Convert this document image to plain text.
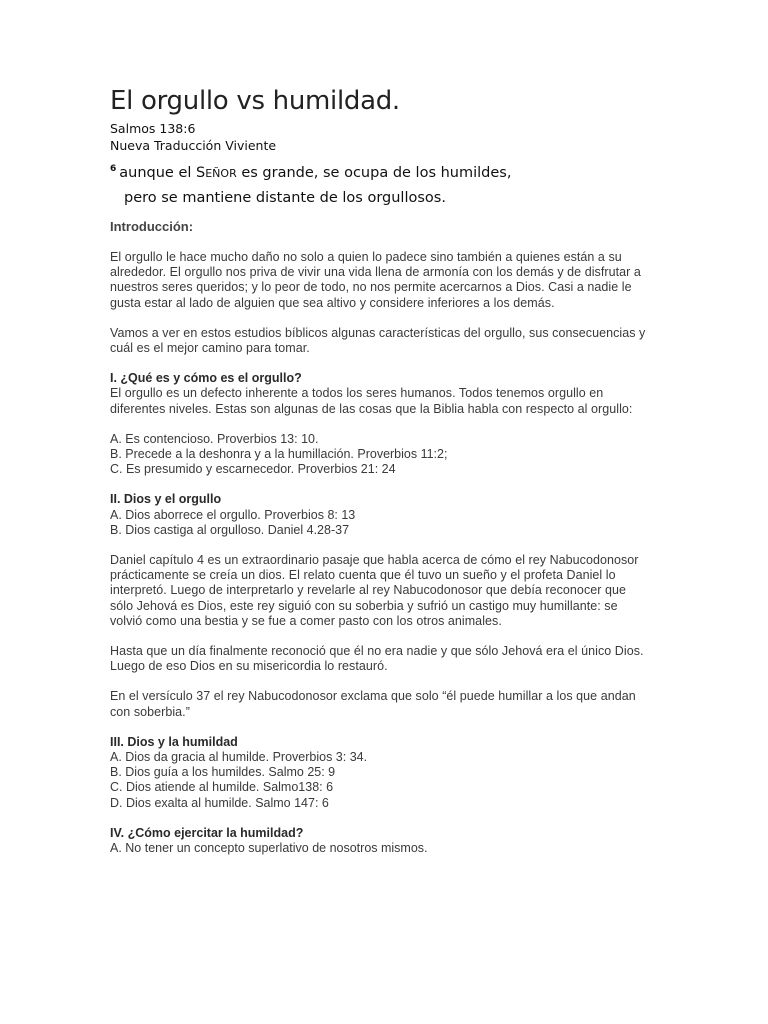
El orgullo vs humildad.

Salmos 138:6

Nueva Traducción Viviente

$^6$ aunque el SEÑOR es grande, se ocupa de los humildes,

pero se mantiene distante de los orgullosos.

Introducción:

El orgullo le hace mucho daño no solo a quien lo padece sino también a quienes están a su alrededor. El orgullo nos priva de vivir una vida llena de armonía con los demás y de disfrutar a nuestros seres queridos; y lo peor de todo, no nos permite acercarnos a Dios. Casi a nadie le gusta estar al lado de alguien que sea altivo y considere inferiores a los demás.

Vamos a ver en estos estudios bíblicos algunas características del orgullo, sus consecuencias y cuál es el mejor camino para tomar.

I. ¿Qué es y cómo es el orgullo?

El orgullo es un defecto inherente a todos los seres humanos. Todos tenemos orgullo en diferentes niveles. Estas son algunas de las cosas que la Biblia habla con respecto al orgullo:

A. Es contencioso. Proverbios 13: 10.
B. Precede a la deshonra y a la humillación. Proverbios 11:2;
C. Es presumido y escarnecedor. Proverbios 21: 24

II. Dios y el orgullo

A. Dios aborrece el orgullo. Proverbios 8: 13
B. Dios castiga al orgulloso. Daniel 4.28-37

Daniel capítulo 4 es un extraordinario pasaje que habla acerca de cómo el rey Nabucodonosor prácticamente se creía un dios. El relato cuenta que él tuvo un sueño y el profeta Daniel lo interpretó. Luego de interpretarlo y revelarle al rey Nabucodonosor que debía reconocer que sólo Jehová es Dios, este rey siguió con su soberbia y sufrió un castigo muy humillante: se volvió como una bestia y se fue a comer pasto con los otros animales.

Hasta que un día finalmente reconoció que él no era nadie y que sólo Jehová era el único Dios. Luego de eso Dios en su misericordia lo restauró.

En el versículo 37 el rey Nabucodonosor exclama que solo “él puede humillar a los que andan con soberbia.”

III. Dios y la humildad

A. Dios da gracia al humilde. Proverbios 3: 34.
B. Dios guía a los humildes. Salmo 25: 9
C. Dios atiende al humilde. Salmo138: 6
D. Dios exalta al humilde. Salmo 147: 6

IV. ¿Cómo ejercitar la humildad?

A. No tener un concepto superlativo de nosotros mismos.
